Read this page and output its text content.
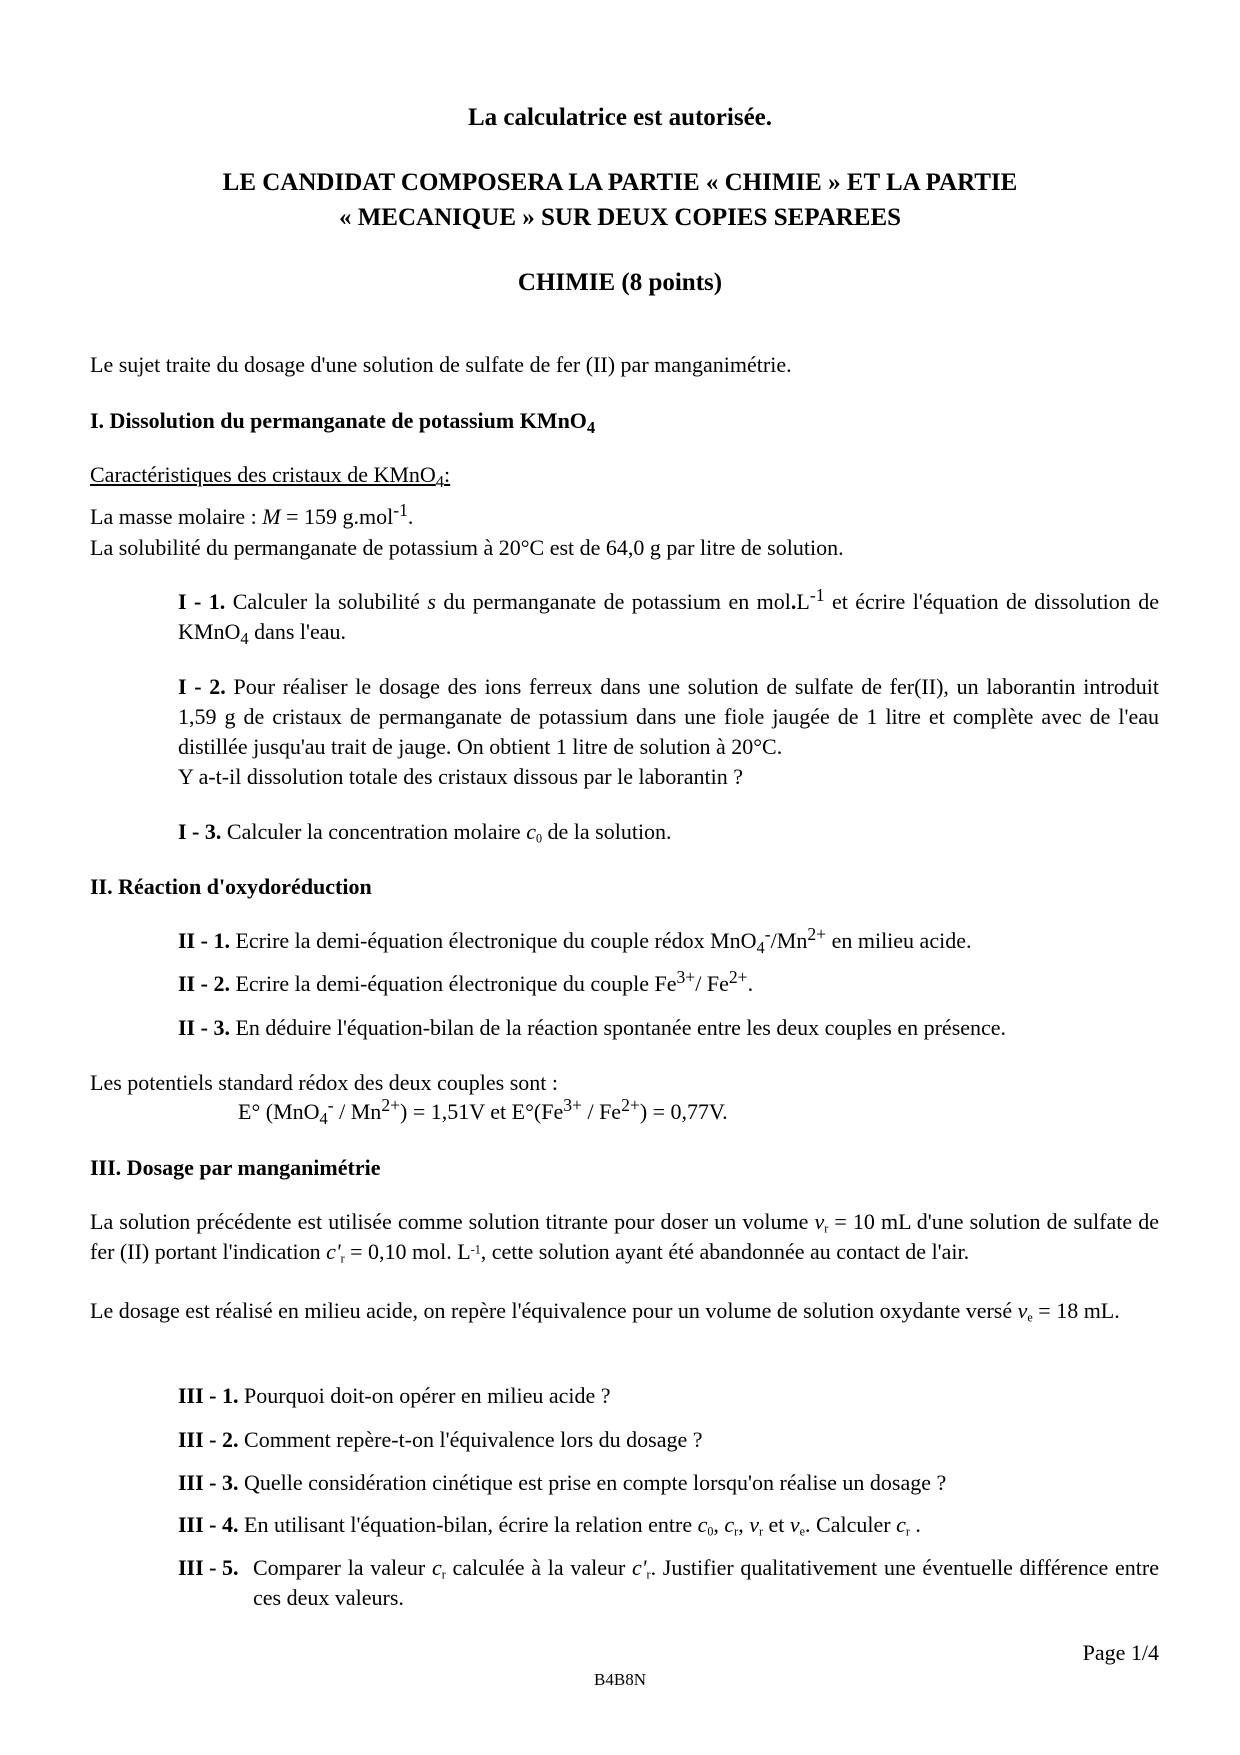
La calculatrice est autorisée.
LE CANDIDAT COMPOSERA LA PARTIE « CHIMIE » ET LA PARTIE
« MECANIQUE » SUR DEUX COPIES SEPAREES
CHIMIE (8 points)
Le sujet traite du dosage d'une solution de sulfate de fer (II) par manganimétrie.
I. Dissolution du permanganate de potassium KMnO$_4$
Caractéristiques des cristaux de KMnO$_4$:
La masse molaire : M = 159 g.mol$^{-1}$.
La solubilité du permanganate de potassium à 20°C est de 64,0 g par litre de solution.
I - 1. Calculer la solubilité s du permanganate de potassium en $mol.L^{-1}$ et écrire l'équation de dissolution de KMnO$_4$ dans l'eau.
I - 2. Pour réaliser le dosage des ions ferreux dans une solution de sulfate de fer(II), un laborantin introduit 1,59 g de cristaux de permanganate de potassium dans une fiole jaugée de 1 litre et complète avec de l'eau distillée jusqu'au trait de jauge. On obtient 1 litre de solution à 20°C.
Y a-t-il dissolution totale des cristaux dissous par le laborantin ?
I - 3. Calculer la concentration molaire $c_0$ de la solution.
II. Réaction d'oxydoréduction
II - 1. Ecrire la demi-équation électronique du couple rédox $MnO_4^-/Mn^{2+}$ en milieu acide.
II - 2. Ecrire la demi-équation électronique du couple $Fe^{3+}/$ $Fe^{2+}$.
II - 3. En déduire l'équation-bilan de la réaction spontanée entre les deux couples en présence.
Les potentiels standard rédox des deux couples sont :
E° $(MnO_4^- / Mn^{2+}) = 1,51V$ et $E^\circ(Fe^{3+} / Fe^{2+}) = 0,77V$.
III. Dosage par manganimétrie
La solution précédente est utilisée comme solution titrante pour doser un volume $v_r = 10$ mL d'une solution de sulfate de fer (II) portant l'indication $c'_r = 0,10$ mol. $L^{-1}$, cette solution ayant été abandonnée au contact de l'air.
Le dosage est réalisé en milieu acide, on repère l'équivalence pour un volume de solution oxydante versé $v_e = 18$ mL.
III - 1. Pourquoi doit-on opérer en milieu acide ?
III - 2. Comment repère-t-on l'équivalence lors du dosage ?
III - 3. Quelle considération cinétique est prise en compte lorsqu'on réalise un dosage ?
III - 4. En utilisant l'équation-bilan, écrire la relation entre $c_0$, $c_r$, $v_r$ et $v_e$. Calculer $c_r$ .
III - 5. Comparer la valeur $c_r$ calculée à la valeur $c'_r$. Justifier qualitativement une éventuelle différence entre ces deux valeurs.
Page 1/4
B4B8N
